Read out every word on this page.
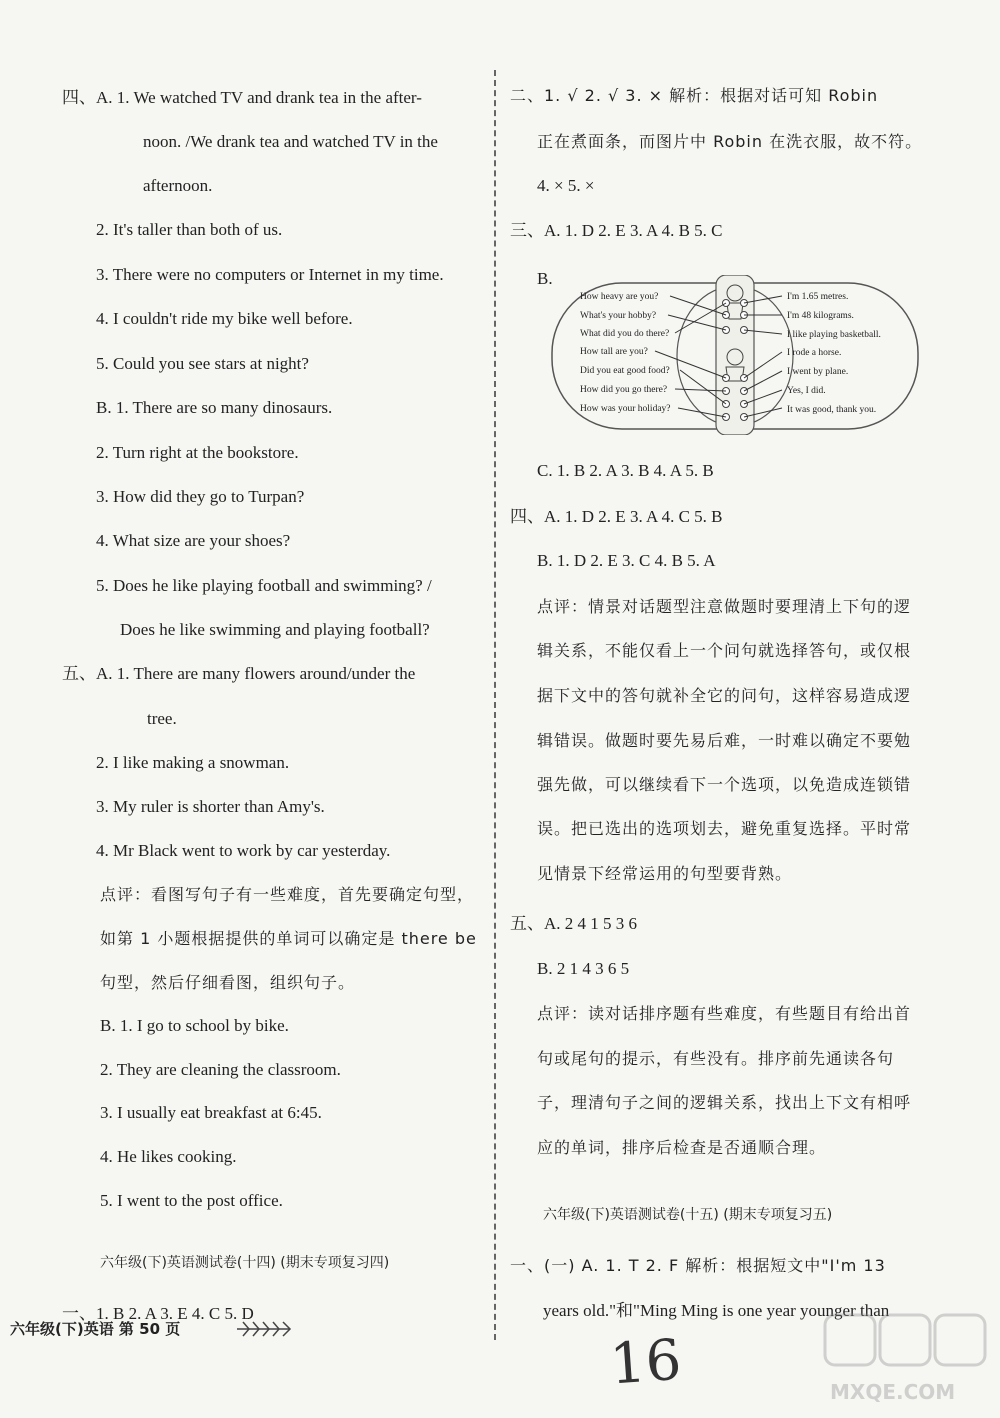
四、A. 1. We watched TV and drank tea in the after-
noon. /We drank tea and watched TV in the
afternoon.
2. It's taller than both of us.
3. There were no computers or Internet in my time.
4. I couldn't ride my bike well before.
5. Could you see stars at night?
B. 1. There are so many dinosaurs.
2. Turn right at the bookstore.
3. How did they go to Turpan?
4. What size are your shoes?
5. Does he like playing football and swimming? /
Does he like swimming and playing football?
五、A. 1. There are many flowers around/under the
tree.
2. I like making a snowman.
3. My ruler is shorter than Amy's.
4. Mr Black went to work by car yesterday.
点评：看图写句子有一些难度，首先要确定句型，
如第 1 小题根据提供的单词可以确定是 there be
句型，然后仔细看图，组织句子。
B. 1. I go to school by bike.
2. They are cleaning the classroom.
3. I usually eat breakfast at 6:45.
4. He likes cooking.
5. I went to the post office.
六年级(下)英语测试卷(十四) (期末专项复习四)
一、1. B 2. A 3. E 4. C 5. D
二、1. √ 2. √ 3. × 解析：根据对话可知 Robin
正在煮面条，而图片中 Robin 在洗衣服，故不符。
4. × 5. ×
三、A. 1. D 2. E 3. A 4. B 5. C
B.
How heavy are you?
What's your hobby?
What did you do there?
How tall are you?
Did you eat good food?
How did you go there?
How was your holiday?
I'm 1.65 metres.
I'm 48 kilograms.
I like playing basketball.
I rode a horse.
I went by plane.
Yes, I did.
It was good, thank you.
C. 1. B 2. A 3. B 4. A 5. B
四、A. 1. D 2. E 3. A 4. C 5. B
B. 1. D 2. E 3. C 4. B 5. A
点评：情景对话题型注意做题时要理清上下句的逻
辑关系，不能仅看上一个问句就选择答句，或仅根
据下文中的答句就补全它的问句，这样容易造成逻
辑错误。做题时要先易后难，一时难以确定不要勉
强先做，可以继续看下一个选项，以免造成连锁错
误。把已选出的选项划去，避免重复选择。平时常
见情景下经常运用的句型要背熟。
五、A. 2 4 1 5 3 6
B. 2 1 4 3 6 5
点评：读对话排序题有些难度，有些题目有给出首
句或尾句的提示，有些没有。排序前先通读各句
子，理清句子之间的逻辑关系，找出上下文有相呼
应的单词，排序后检查是否通顺合理。
六年级(下)英语测试卷(十五) (期末专项复习五)
一、(一) A. 1. T 2. F 解析：根据短文中"I'm 13
years old."和"Ming Ming is one year younger than
六年级(下)英语 第 50 页	16	MXQE.COM
